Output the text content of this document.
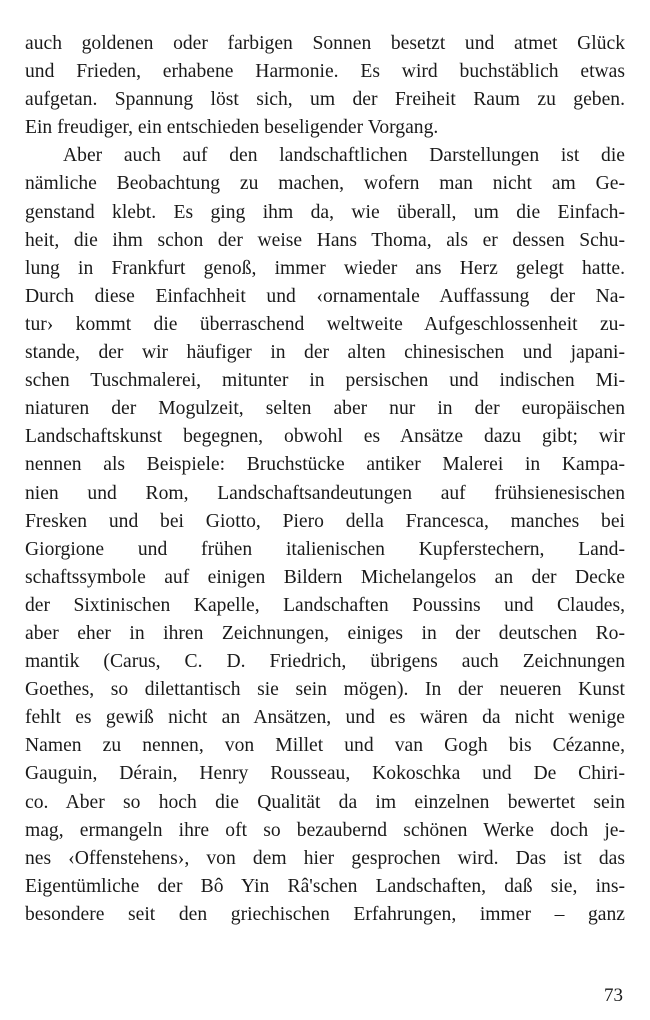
auch goldenen oder farbigen Sonnen besetzt und atmet Glück
und Frieden, erhabene Harmonie. Es wird buchstäblich etwas
aufgetan. Spannung löst sich, um der Freiheit Raum zu geben.
Ein freudiger, ein entschieden beseligender Vorgang.
Aber auch auf den landschaftlichen Darstellungen ist die
nämliche Beobachtung zu machen, wofern man nicht am Ge-
genstand klebt. Es ging ihm da, wie überall, um die Einfach-
heit, die ihm schon der weise Hans Thoma, als er dessen Schu-
lung in Frankfurt genoß, immer wieder ans Herz gelegt hatte.
Durch diese Einfachheit und ‹ornamentale Auffassung der Na-
tur› kommt die überraschend weltweite Aufgeschlossenheit zu-
stande, der wir häufiger in der alten chinesischen und japani-
schen Tuschmalerei, mitunter in persischen und indischen Mi-
niaturen der Mogulzeit, selten aber nur in der europäischen
Landschaftskunst begegnen, obwohl es Ansätze dazu gibt; wir
nennen als Beispiele: Bruchstücke antiker Malerei in Kampa-
nien und Rom, Landschaftsandeutungen auf frühsienesischen
Fresken und bei Giotto, Piero della Francesca, manches bei
Giorgione und frühen italienischen Kupferstechern, Land-
schaftssymbole auf einigen Bildern Michelangelos an der Decke
der Sixtinischen Kapelle, Landschaften Poussins und Claudes,
aber eher in ihren Zeichnungen, einiges in der deutschen Ro-
mantik (Carus, C. D. Friedrich, übrigens auch Zeichnungen
Goethes, so dilettantisch sie sein mögen). In der neueren Kunst
fehlt es gewiß nicht an Ansätzen, und es wären da nicht wenige
Namen zu nennen, von Millet und van Gogh bis Cézanne,
Gauguin, Dérain, Henry Rousseau, Kokoschka und De Chiri-
co. Aber so hoch die Qualität da im einzelnen bewertet sein
mag, ermangeln ihre oft so bezaubernd schönen Werke doch je-
nes ‹Offenstehens›, von dem hier gesprochen wird. Das ist das
Eigentümliche der Bô Yin Râ'schen Landschaften, daß sie, ins-
besondere seit den griechischen Erfahrungen, immer – ganz
73
